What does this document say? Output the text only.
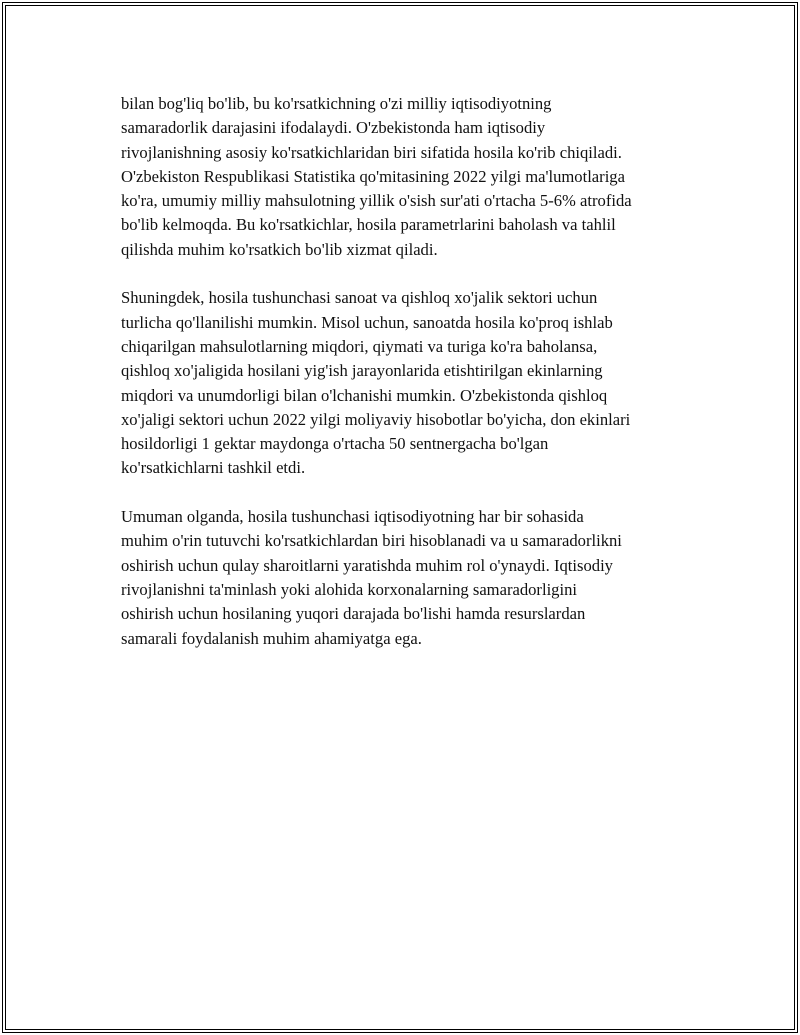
bilan bog'liq bo'lib, bu ko'rsatkichning o'zi milliy iqtisodiyotning
samaradorlik darajasini ifodalaydi. O'zbekistonda ham iqtisodiy
rivojlanishning asosiy ko'rsatkichlaridan biri sifatida hosila ko'rib chiqiladi.
O'zbekiston Respublikasi Statistika qo'mitasining 2022 yilgi ma'lumotlariga
ko'ra, umumiy milliy mahsulotning yillik o'sish sur'ati o'rtacha 5-6% atrofida
bo'lib kelmoqda. Bu ko'rsatkichlar, hosila parametrlarini baholash va tahlil
qilishda muhim ko'rsatkich bo'lib xizmat qiladi.

Shuningdek, hosila tushunchasi sanoat va qishloq xo'jalik sektori uchun
turlicha qo'llanilishi mumkin. Misol uchun, sanoatda hosila ko'proq ishlab
chiqarilgan mahsulotlarning miqdori, qiymati va turiga ko'ra baholansa,
qishloq xo'jaligida hosilani yig'ish jarayonlarida etishtirilgan ekinlarning
miqdori va unumdorligi bilan o'lchanishi mumkin. O'zbekistonda qishloq
xo'jaligi sektori uchun 2022 yilgi moliyaviy hisobotlar bo'yicha, don ekinlari
hosildorligi 1 gektar maydonga o'rtacha 50 sentnergacha bo'lgan
ko'rsatkichlarni tashkil etdi.

Umuman olganda, hosila tushunchasi iqtisodiyotning har bir sohasida
muhim o'rin tutuvchi ko'rsatkichlardan biri hisoblanadi va u samaradorlikni
oshirish uchun qulay sharoitlarni yaratishda muhim rol o'ynaydi. Iqtisodiy
rivojlanishni ta'minlash yoki alohida korxonalarning samaradorligini
oshirish uchun hosilaning yuqori darajada bo'lishi hamda resurslardan
samarali foydalanish muhim ahamiyatga ega.
